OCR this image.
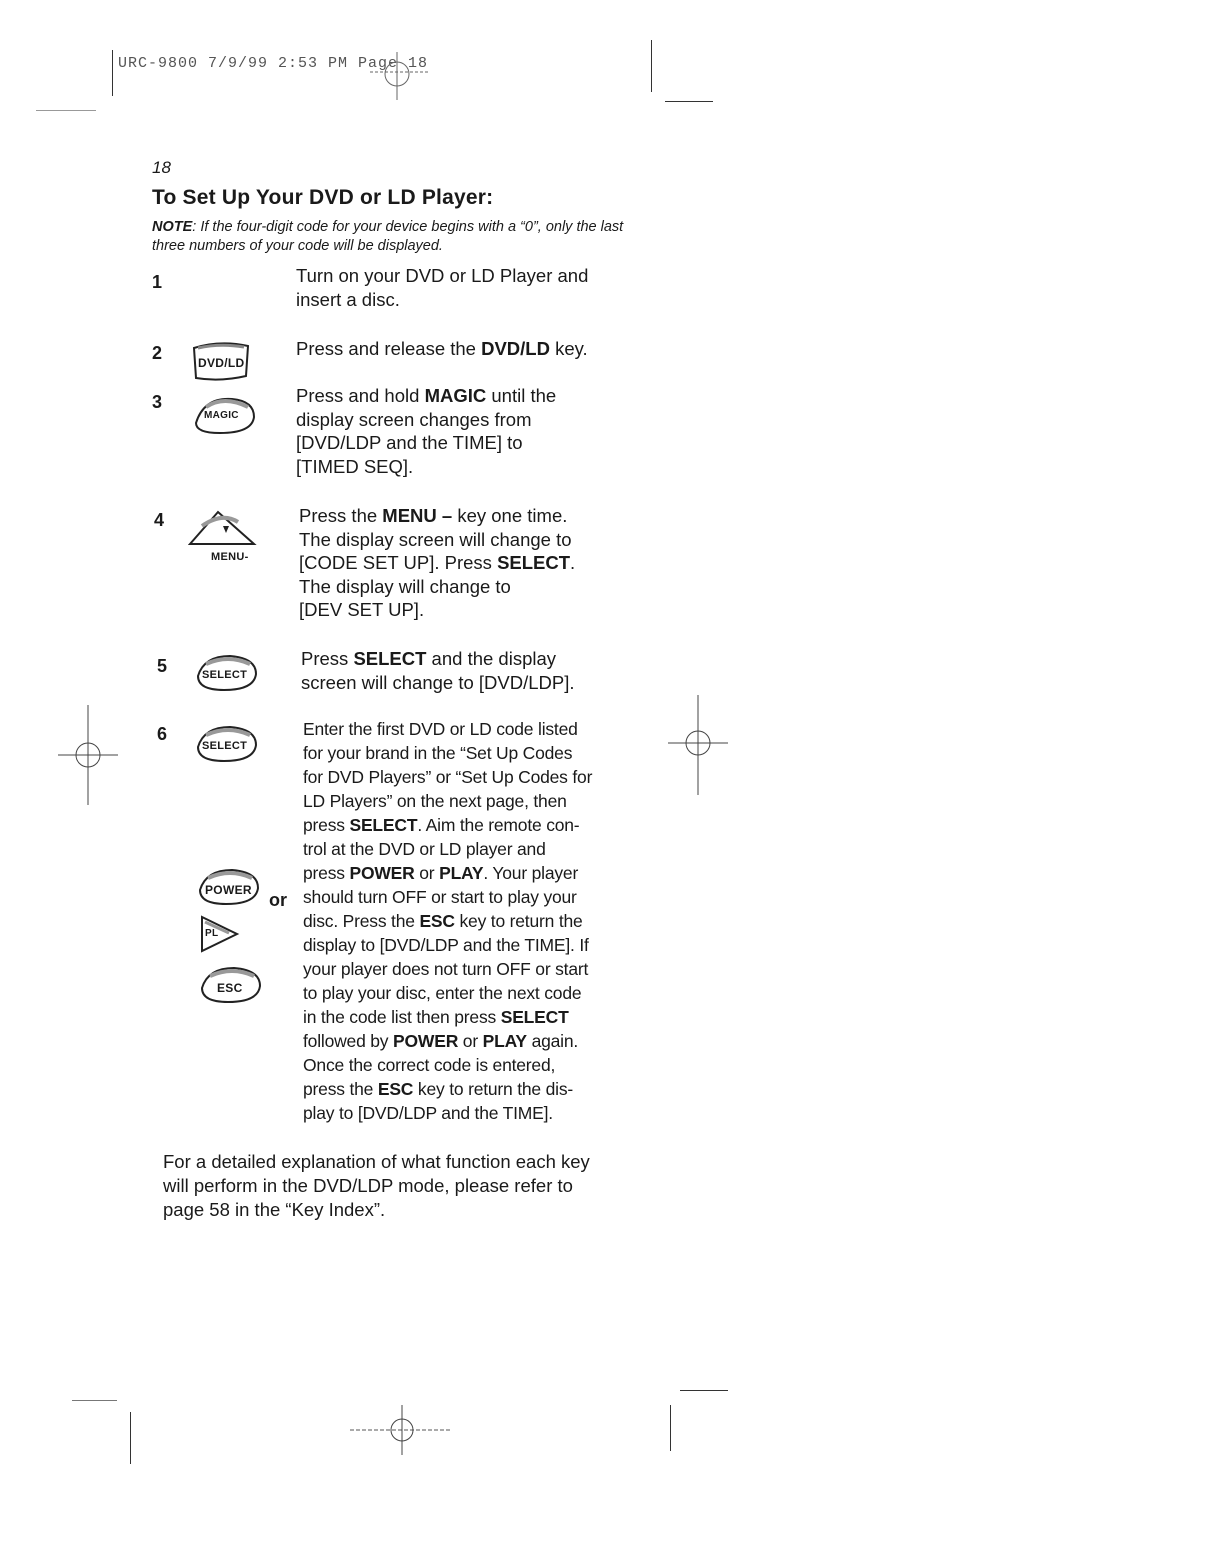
URC-9800 7/9/99 2:53 PM Page 18
18
To Set Up Your DVD or LD Player:
NOTE: If the four-digit code for your device begins with a “0”, only the last three numbers of your code will be displayed.
1	Turn on your DVD or LD Player and
insert a disc.
2	DVD/LD
Press and release the DVD/LD key.
3
MAGIC
Press and hold MAGIC until the
display screen changes from
[DVD/LDP and the TIME] to
[TIMED SEQ].
4
MENU-
Press the MENU – key one time.
The display screen will change to
[CODE SET UP]. Press SELECT.
The display will change to
[DEV SET UP].
5	SELECT
Press SELECT and the display
screen will change to [DVD/LDP].
6
SELECT
POWER or
PL
ESC
Enter the first DVD or LD code listed
for your brand in the “Set Up Codes
for DVD Players” or “Set Up Codes for
LD Players” on the next page, then
press SELECT. Aim the remote con-
trol at the DVD or LD player and
press POWER or PLAY. Your player
should turn OFF or start to play your
disc. Press the ESC key to return the
display to [DVD/LDP and the TIME]. If
your player does not turn OFF or start
to play your disc, enter the next code
in the code list then press SELECT
followed by POWER or PLAY again.
Once the correct code is entered,
press the ESC key to return the dis-
play to [DVD/LDP and the TIME].
For a detailed explanation of what function each key
will perform in the DVD/LDP mode, please refer to
page 58 in the “Key Index”.
